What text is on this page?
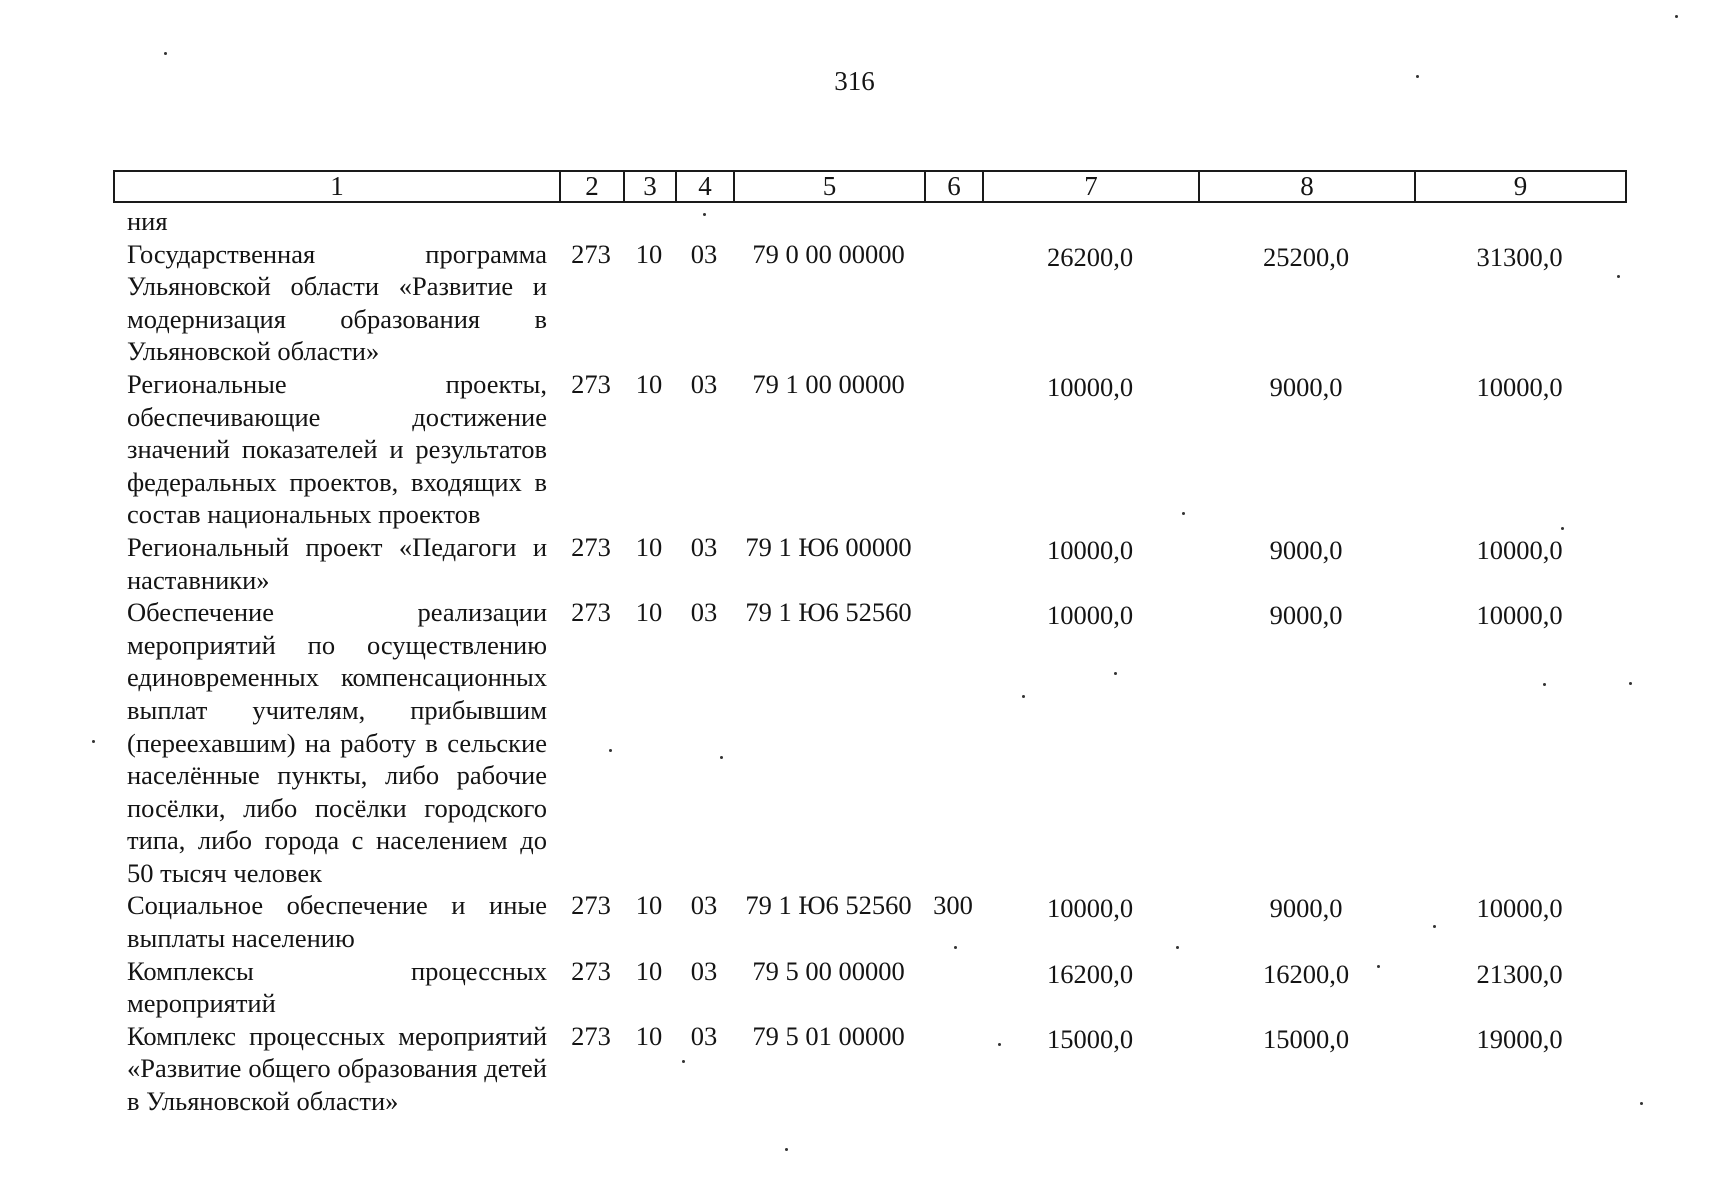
316
1	2	3	4	5	6	7	8	9
ния								

Государственная программа Ульяновской области «Развитие и модернизация образования в Ульяновской области»	273	10	03	79 0 00 00000		26200,0	25200,0	31300,0

Региональные проекты, обеспечивающие достижение значений показателей и результатов федеральных проектов, входящих в состав национальных проектов	273	10	03	79 1 00 00000		10000,0	9000,0	10000,0

Региональный проект «Педагоги и наставники»	273	10	03	79 1 Ю6 00000		10000,0	9000,0	10000,0

Обеспечение реализации мероприятий по осуществлению единовременных компенсационных выплат учителям, прибывшим (переехавшим) на работу в сельские населённые пункты, либо рабочие посёлки, либо посёлки городского типа, либо города с населением до 50 тысяч человек	273	10	03	79 1 Ю6 52560		10000,0	9000,0	10000,0

Социальное обеспечение и иные выплаты населению	273	10	03	79 1 Ю6 52560	300	10000,0	9000,0	10000,0

Комплексы процессных мероприятий	273	10	03	79 5 00 00000		16200,0	16200,0	21300,0

Комплекс процессных мероприятий «Развитие общего образования детей в Ульяновской области»	273	10	03	79 5 01 00000		15000,0	15000,0	19000,0
